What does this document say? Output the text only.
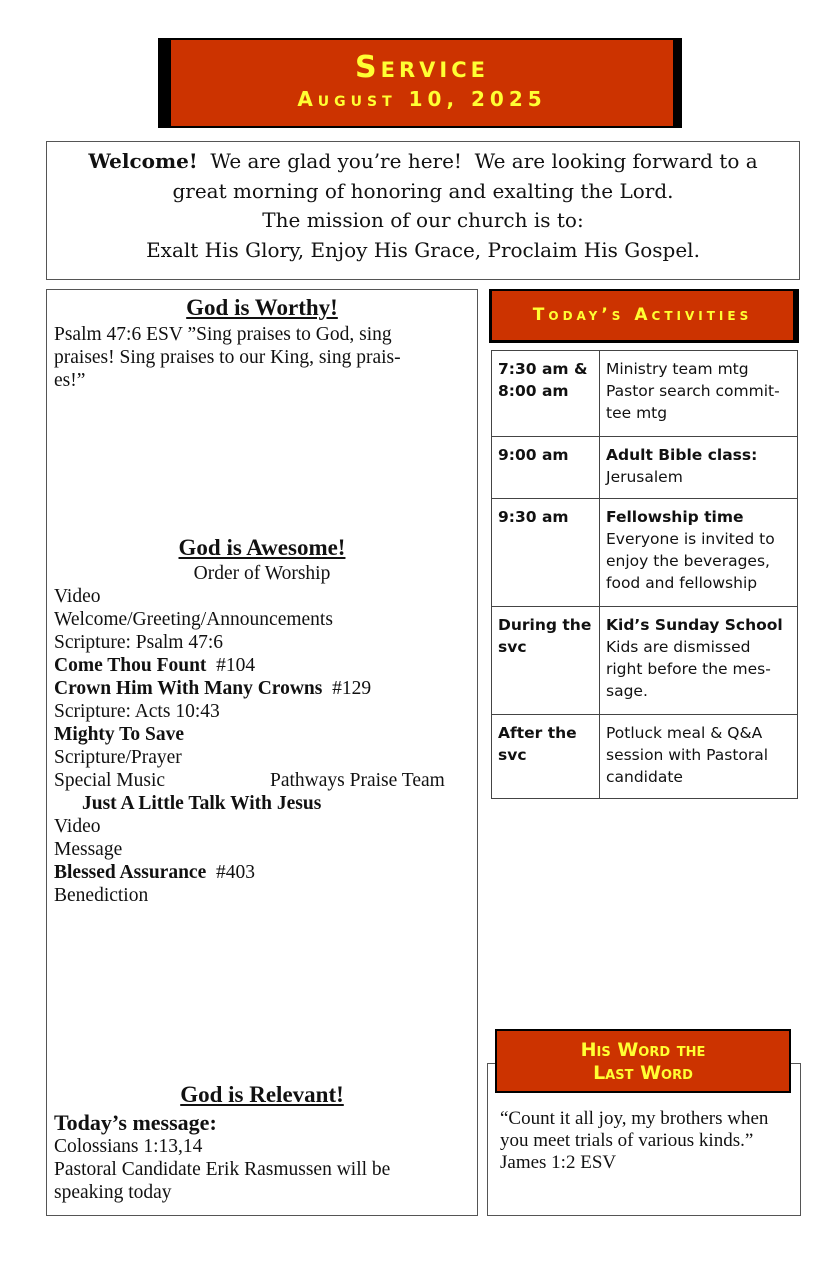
Service
August 10, 2025
Welcome!  We are glad you’re here!  We are looking forward to a
great morning of honoring and exalting the Lord.
The mission of our church is to:
Exalt His Glory, Enjoy His Grace, Proclaim His Gospel.
God is Worthy!
Psalm 47:6 ESV ”Sing praises to God, sing
praises! Sing praises to our King, sing prais-
es!”
God is Awesome!
Order of Worship
Video
Welcome/Greeting/Announcements
Scripture: Psalm 47:6
Come Thou Fount  #104
Crown Him With Many Crowns  #129
Scripture: Acts 10:43
Mighty To Save
Scripture/Prayer
Special Music	Pathways Praise Team
Just A Little Talk With Jesus
Video
Message
Blessed Assurance  #403
Benediction
God is Relevant!
Today’s message:
Colossians 1:13,14
Pastoral Candidate Erik Rasmussen will be
speaking today
Today’s Activities
7:30 am & 8:00 am	Ministry team mtg Pastor search commit-tee mtg
9:00 am	Adult Bible class:
Jerusalem
9:30 am	Fellowship time
Everyone is invited to enjoy the beverages, food and fellowship
During the svc	Kid’s Sunday School
Kids are dismissed right before the mes-sage.
After the svc	Potluck meal & Q&A session with Pastoral candidate
His Word the
Last Word
“Count it all joy, my brothers when you meet trials of various kinds.”
James 1:2 ESV
